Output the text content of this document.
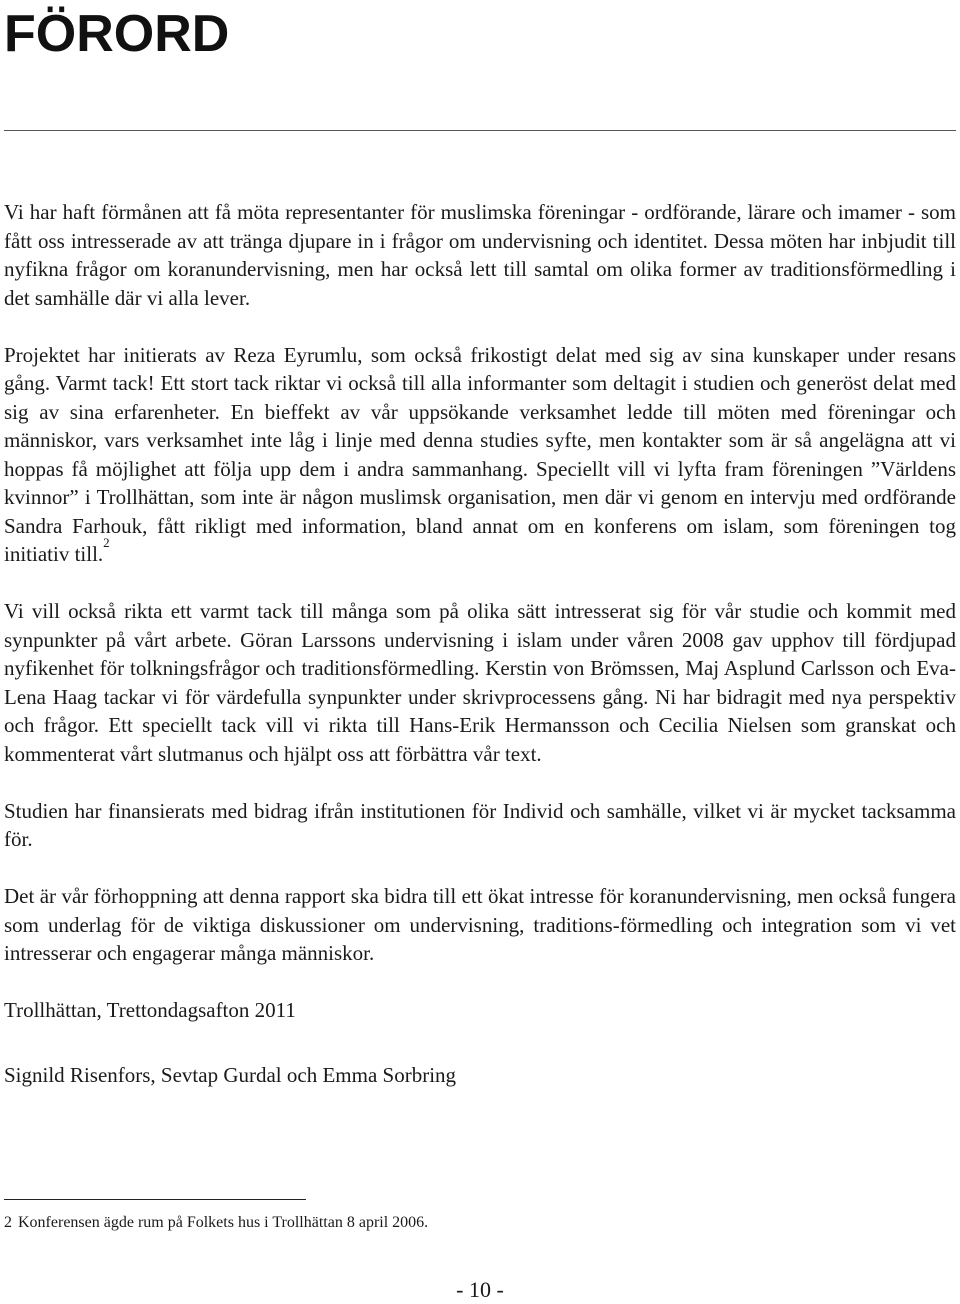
FÖRORD

Vi har haft förmånen att få möta representanter för muslimska föreningar - ordförande, lärare och imamer - som fått oss intresserade av att tränga djupare in i frågor om undervisning och identitet. Dessa möten har inbjudit till nyfikna frågor om koranundervisning, men har också lett till samtal om olika former av traditionsförmedling i det samhälle där vi alla lever.

Projektet har initierats av Reza Eyrumlu, som också frikostigt delat med sig av sina kunskaper under resans gång. Varmt tack! Ett stort tack riktar vi också till alla informanter som deltagit i studien och generöst delat med sig av sina erfarenheter. En bieffekt av vår uppsökande verksamhet ledde till möten med föreningar och människor, vars verksamhet inte låg i linje med denna studies syfte, men kontakter som är så angelägna att vi hoppas få möjlighet att följa upp dem i andra sammanhang. Speciellt vill vi lyfta fram föreningen ”Världens kvinnor” i Trollhättan, som inte är någon muslimsk organisation, men där vi genom en intervju med ordförande Sandra Farhouk, fått rikligt med information, bland annat om en konferens om islam, som föreningen tog initiativ till.$^2$

Vi vill också rikta ett varmt tack till många som på olika sätt intresserat sig för vår studie och kommit med synpunkter på vårt arbete. Göran Larssons undervisning i islam under våren 2008 gav upphov till fördjupad nyfikenhet för tolkningsfrågor och traditionsförmedling. Kerstin von Brömssen, Maj Asplund Carlsson och Eva-Lena Haag tackar vi för värdefulla synpunkter under skrivprocessens gång. Ni har bidragit med nya perspektiv och frågor. Ett speciellt tack vill vi rikta till Hans-Erik Hermansson och Cecilia Nielsen som granskat och kommenterat vårt slutmanus och hjälpt oss att förbättra vår text.

Studien har finansierats med bidrag ifrån institutionen för Individ och samhälle, vilket vi är mycket tacksamma för.

Det är vår förhoppning att denna rapport ska bidra till ett ökat intresse för koranundervisning, men också fungera som underlag för de viktiga diskussioner om undervisning, traditions-förmedling och integration som vi vet intresserar och engagerar många människor.

Trollhättan, Trettondagsafton 2011

Signild Risenfors, Sevtap Gurdal och Emma Sorbring

2 Konferensen ägde rum på Folkets hus i Trollhättan 8 april 2006.
- 10 -
